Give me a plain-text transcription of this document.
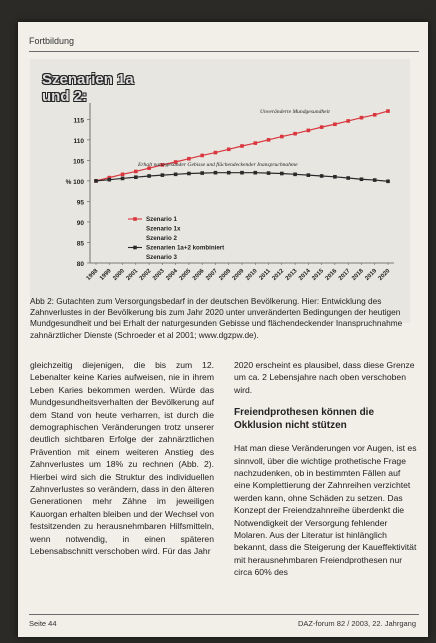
Fortbildung
Szenarien 1a
und 2:
115
110
105
% 100
95
90
85
80
1998 1999 2000 2001 2002 2003 2004 2005 2006 2007 2008 2009 2010 2011 2012 2013 2014 2015 2016 2017 2018 2019 2020
Unveränderte Mundgesundheit
Erhalt naturgesunder Gebisse und flächendeckender Inanspruchnahme
Szenario 1
Szenario 1x
Szenario 2
Szenarien 1a+2 kombiniert
Szenario 3
Abb 2: Gutachten zum Versorgungsbedarf in der deutschen Bevölkerung. Hier: Entwicklung des Zahnverlustes in der Bevölkerung bis zum Jahr 2020 unter unveränderten Bedingungen der heutigen Mundgesundheit und bei Erhalt der naturgesunden Gebisse und flächendeckender Inanspruchnahme zahnärztlicher Dienste (Schroeder et al 2001; www.dgzpw.de).
gleichzeitig diejenigen, die bis zum 12. Lebenalter keine Karies aufweisen, nie in ihrem Leben Karies bekommen werden. Würde das Mundgesundheitsverhalten der Bevölkerung auf dem Stand von heute verharren, ist durch die demographischen Veränderungen trotz unserer deutlich sichtbaren Erfolge der zahnärztlichen Prävention mit einem weiteren Anstieg des Zahnverlustes um 18% zu rechnen (Abb. 2). Hierbei wird sich die Struktur des individuellen Zahnverlustes so verändern, dass in den älteren Generationen mehr Zähne im jeweiligen Kauorgan erhalten bleiben und der Wechsel von festsitzenden zu herausnehmbaren Hilfsmitteln, wenn notwendig, in einen späteren Lebensabschnitt verschoben wird. Für das Jahr

2020 erscheint es plausibel, dass diese Grenze um ca. 2 Lebensjahre nach oben verschoben wird.

Freiendprothesen können die Okklusion nicht stützen

Hat man diese Veränderungen vor Augen, ist es sinnvoll, über die wichtige prothetische Frage nachzudenken, ob in bestimmten Fällen auf eine Komplettierung der Zahnreihen verzichtet werden kann, ohne Schäden zu setzen. Das Konzept der Freiendzahnreihe überdenkt die Notwendigkeit der Versorgung fehlender Molaren. Aus der Literatur ist hinlänglich bekannt, dass die Steigerung der Kaueffektivität mit herausnehmbaren Freiendprothesen nur circa 60% des

Seite 44	DAZ-forum 82 / 2003, 22. Jahrgang
